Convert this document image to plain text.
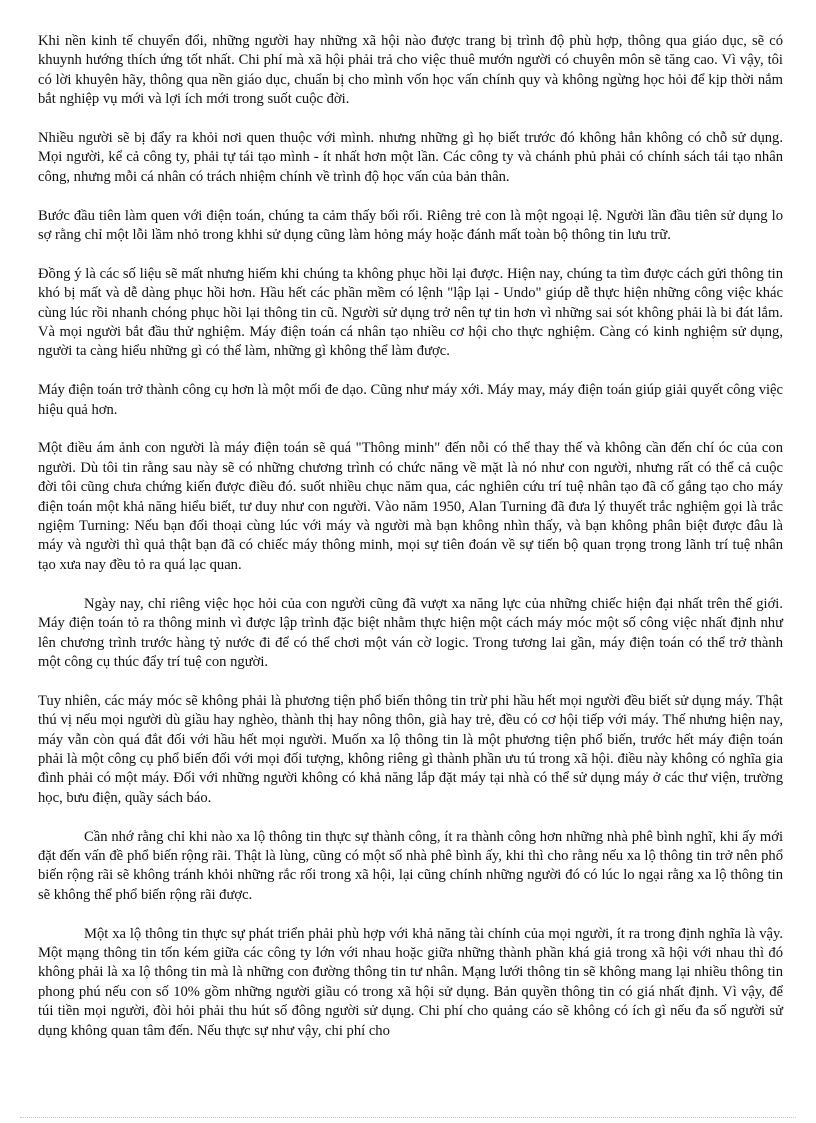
Khi nền kinh tế chuyển đổi, những người hay những xã hội nào được trang bị trình độ phù hợp, thông qua giáo dục, sẽ có khuynh hướng thích ứng tốt nhất. Chi phí mà xã hội phải trả cho việc thuê mướn người có chuyên môn sẽ tăng cao. Vì vậy, tôi có lời khuyên hãy, thông qua nền giáo dục, chuẩn bị cho mình vốn học vấn chính quy và không ngừng học hỏi để kịp thời nắm bắt nghiệp vụ mới và lợi ích mới trong suốt cuộc đời.

Nhiều người sẽ bị đẩy ra khỏi nơi quen thuộc với mình. nhưng những gì họ biết trước đó không hẳn không có chỗ sử dụng. Mọi người, kể cả công ty, phải tự tái tạo mình - ít nhất hơn một lần. Các công ty và chánh phủ phải có chính sách tái tạo nhân công, nhưng mỗi cá nhân có trách nhiệm chính về trình độ học vấn của bản thân.

Bước đầu tiên làm quen với điện toán, chúng ta cảm thấy bối rối. Riêng trẻ con là một ngoại lệ. Người lần đầu tiên sử dụng lo sợ rằng chỉ một lỗi lầm nhỏ trong khhi sử dụng cũng làm hỏng máy hoặc đánh mất toàn bộ thông tin lưu trữ.

Đồng ý là các số liệu sẽ mất nhưng hiếm khi chúng ta không phục hồi lại được. Hiện nay, chúng ta tìm được cách gửi thông tin khó bị mất và dễ dàng phục hồi hơn. Hầu hết các phần mềm có lệnh "lập lại - Undo" giúp dễ thực hiện những công việc khác cùng lúc rồi nhanh chóng phục hồi lại thông tin cũ. Người sử dụng trở nên tự tin hơn vì những sai sót không phải là bi đát lắm. Và mọi người bắt đầu thử nghiệm. Máy điện toán cá nhân tạo nhiều cơ hội cho thực nghiệm. Càng có kinh nghiệm sử dụng, người ta càng hiểu những gì có thể làm, những gì không thể làm được.

Máy điện toán trở thành công cụ hơn là một mối đe dạo. Cũng như máy xới. Máy may, máy điện toán giúp giải quyết công việc hiệu quả hơn.

Một điều ám ảnh con người là máy điện toán sẽ quá "Thông minh" đến nỗi có thể thay thế và không cần đến chí óc của con người. Dù tôi tin rằng sau này sẽ có những chương trình có chức năng về mặt là nó như con người, nhưng rất có thể cả cuộc đời tôi cũng chưa chứng kiến được điều đó. suốt nhiều chục năm qua, các nghiên cứu trí tuệ nhân tạo đã cố gắng tạo cho máy điện toán một khả năng hiểu biết, tư duy như con người. Vào năm 1950, Alan Turning đã đưa lý thuyết trắc nghiệm gọi là trắc ngiệm Turning: Nếu bạn đối thoại cùng lúc với máy và người mà bạn không nhìn thấy, và bạn không phân biệt được đâu là máy và người thì quả thật bạn đã có chiếc máy thông minh, mọi sự tiên đoán về sự tiến bộ quan trọng trong lãnh trí tuệ nhân tạo xưa nay đều tỏ ra quá lạc quan.

Ngày nay, chỉ riêng việc học hỏi của con người cũng đã vượt xa năng lực của những chiếc hiện đại nhất trên thế giới. Máy điện toán tỏ ra thông minh vì được lập trình đặc biệt nhằm thực hiện một cách máy móc một số công việc nhất định như lên chương trình trước hàng tỷ nước đi để có thể chơi một ván cờ logic. Trong tương lai gần, máy điện toán có thể trở thành một công cụ thúc đẩy trí tuệ con người.

Tuy nhiên, các máy móc sẽ không phải là phương tiện phổ biến thông tin trừ phi hầu hết mọi người đều biết sử dụng máy. Thật thú vị nếu mọi người dù giầu hay nghèo, thành thị hay nông thôn, già hay trẻ, đều có cơ hội tiếp với máy. Thế nhưng hiện nay, máy vẫn còn quá đắt đối với hầu hết mọi người. Muốn xa lộ thông tin là một phương tiện phổ biến, trước hết máy điện toán phải là một công cụ phổ biến đối với mọi đối tượng, không riêng gì thành phần ưu tú trong xã hội. điều này không có nghĩa gia đình phải có một máy. Đối với những người không có khả năng lắp đặt máy tại nhà có thể sử dụng máy ở các thư viện, trường học, bưu điện, quầy sách báo.

Cần nhớ rằng chỉ khi nào xa lộ thông tin thực sự thành công, ít ra thành công hơn những nhà phê bình nghĩ, khi ấy mới đặt đến vấn đề phổ biến rộng rãi. Thật là lùng, cũng có một số nhà phê bình ấy, khi thì cho rằng nếu xa lộ thông tin trở nên phổ biến rộng rãi sẽ không tránh khỏi những rắc rối trong xã hội, lại cũng chính những người đó có lúc lo ngại rằng xa lộ thông tin sẽ không thể phổ biến rộng rãi được.

Một xa lộ thông tin thực sự phát triển phải phù hợp với khả năng tài chính của mọi người, ít ra trong định nghĩa là vậy. Một mạng thông tin tốn kém giữa các công ty lớn với nhau hoặc giữa những thành phần khá giả trong xã hội với nhau thì đó không phải là xa lộ thông tin mà là những con đường thông tin tư nhân. Mạng lưới thông tin sẽ không mang lại nhiều thông tin phong phú nếu con số 10% gồm những người giầu có trong xã hội sử dụng. Bản quyền thông tin có giá nhất định. Vì vậy, để túi tiền mọi người, đòi hỏi phải thu hút số đông người sử dụng. Chi phí cho quảng cáo sẽ không có ích gì nếu đa số người sử dụng không quan tâm đến. Nếu thực sự như vậy, chi phí cho
